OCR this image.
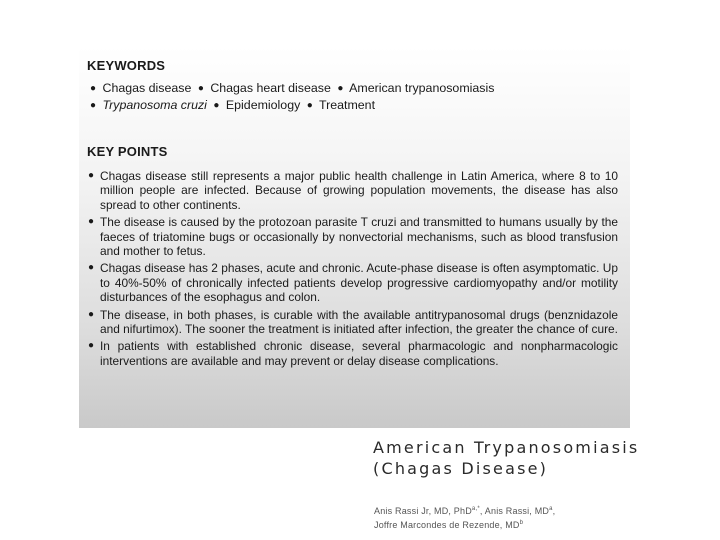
KEYWORDS
● Chagas disease ● Chagas heart disease ● American trypanosomiasis
● Trypanosoma cruzi ● Epidemiology ● Treatment
KEY POINTS
● Chagas disease still represents a major public health challenge in Latin America, where 8 to 10 million people are infected. Because of growing population movements, the disease has also spread to other continents.
● The disease is caused by the protozoan parasite T cruzi and transmitted to humans usually by the faeces of triatomine bugs or occasionally by nonvectorial mechanisms, such as blood transfusion and mother to fetus.
● Chagas disease has 2 phases, acute and chronic. Acute-phase disease is often asymptomatic. Up to 40%-50% of chronically infected patients develop progressive cardiomyopathy and/or motility disturbances of the esophagus and colon.
● The disease, in both phases, is curable with the available antitrypanosomal drugs (benznidazole and nifurtimox). The sooner the treatment is initiated after infection, the greater the chance of cure.
● In patients with established chronic disease, several pharmacologic and nonpharmacologic interventions are available and may prevent or delay disease complications.
American Trypanosomiasis
(Chagas Disease)
Anis Rassi Jr, MD, PhD$^{a,*}$, Anis Rassi, $MD^a$,
Joffre Marcondes de Rezende, $MD^b$
